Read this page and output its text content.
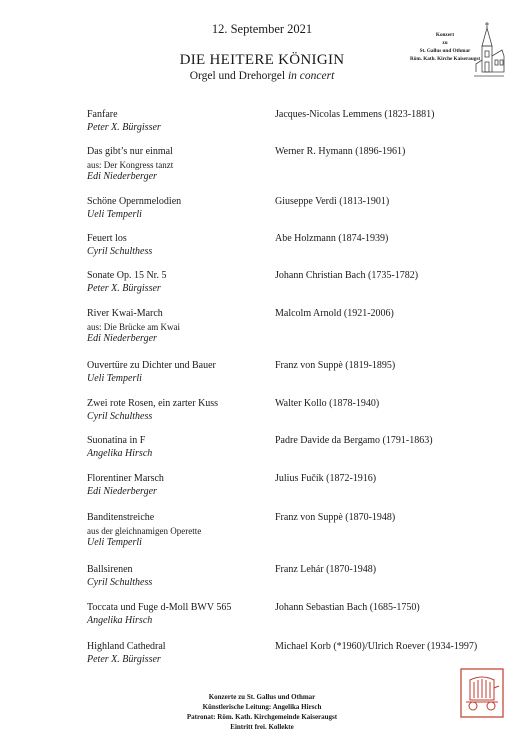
12. September 2021
DIE HEITERE KÖNIGIN
Orgel und Drehorgel in concert
Konzert
zu
St. Gallus und Othmar
Röm. Kath. Kirche Kaiseraugst
Fanfare
Peter X. Bürgisser
Jacques-Nicolas Lemmens (1823-1881)
Das gibt’s nur einmal
aus: Der Kongress tanzt
Edi Niederberger
Werner R. Hymann (1896-1961)
Schöne Opernmelodien
Ueli Temperli
Giuseppe Verdi (1813-1901)
Feuert los
Cyril Schulthess
Abe Holzmann (1874-1939)
Sonate Op. 15 Nr. 5
Peter X. Bürgisser
Johann Christian Bach (1735-1782)
River Kwai-March
aus: Die Brücke am Kwai
Edi Niederberger
Malcolm Arnold (1921-2006)
Ouvertüre zu Dichter und Bauer
Ueli Temperli
Franz von Suppè (1819-1895)
Zwei rote Rosen, ein zarter Kuss
Cyril Schulthess
Walter Kollo (1878-1940)
Suonatina in F
Angelika Hirsch
Padre Davide da Bergamo (1791-1863)
Florentiner Marsch
Edi Niederberger
Julius Fučík (1872-1916)
Banditenstreiche
aus der gleichnamigen Operette
Ueli Temperli
Franz von Suppè (1870-1948)
Ballsirenen
Cyril Schulthess
Franz Lehár (1870-1948)
Toccata und Fuge d-Moll BWV 565
Angelika Hirsch
Johann Sebastian Bach (1685-1750)
Highland Cathedral
Peter X. Bürgisser
Michael Korb (*1960)/Ulrich Roever (1934-1997)
Konzerte zu St. Gallus und Othmar
Künstlerische Leitung: Angelika Hirsch
Patronat: Röm. Kath. Kirchgemeinde Kaiseraugst
Eintritt frei. Kollekte
